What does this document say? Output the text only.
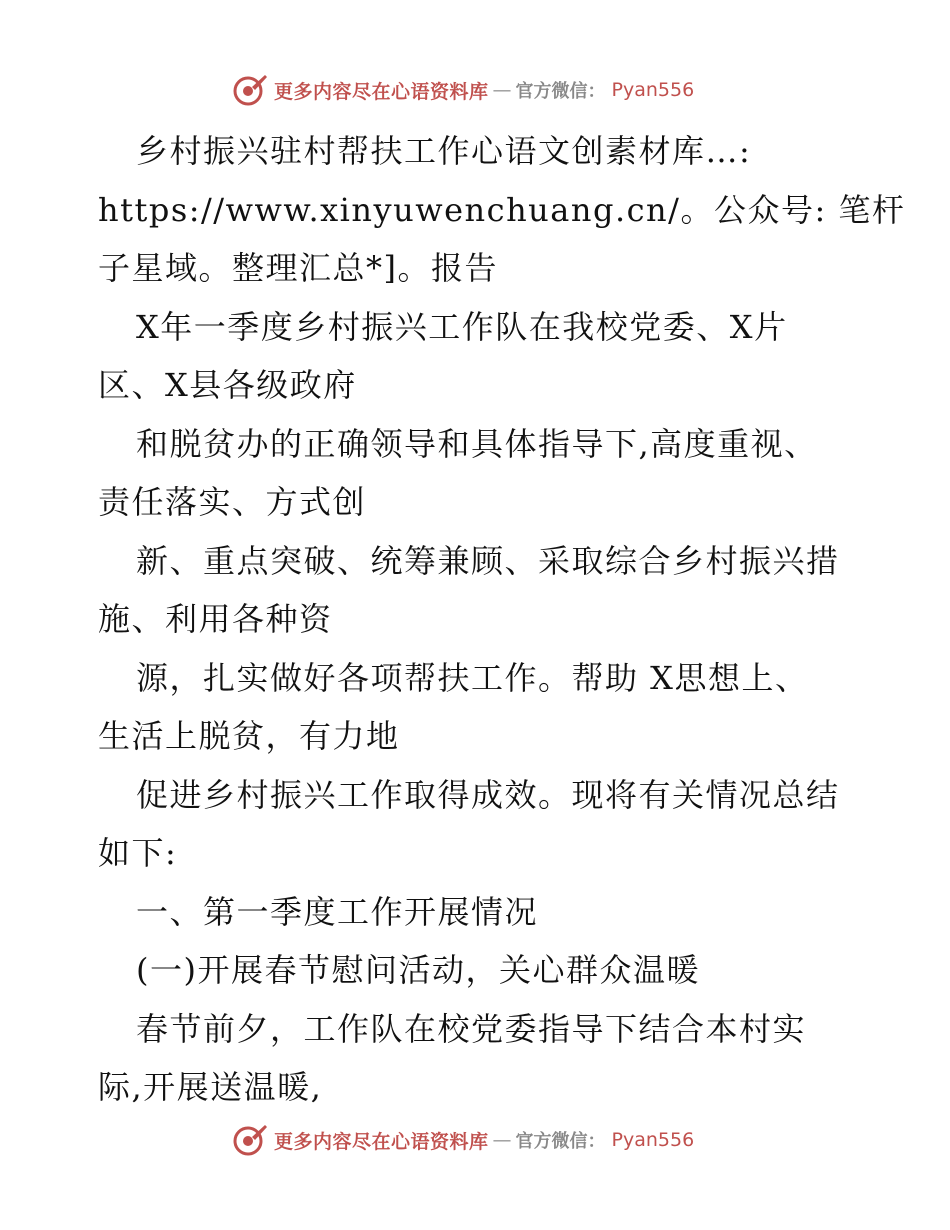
更多内容尽在心语资料库 — 官方微信： Pyan556
乡村振兴驻村帮扶工作心语文创素材库…:
https://www.xinyuwenchuang.cn/。公众号: 笔杆
子星域。整理汇总*]。报告
X年一季度乡村振兴工作队在我校党委、X片
区、X县各级政府
和脱贫办的正确领导和具体指导下,高度重视、
责任落实、方式创
新、重点突破、统筹兼顾、采取综合乡村振兴措
施、利用各种资
源，扎实做好各项帮扶工作。帮助 X思想上、
生活上脱贫，有力地
促进乡村振兴工作取得成效。现将有关情况总结
如下:
一、第一季度工作开展情况
(一)开展春节慰问活动，关心群众温暖
春节前夕，工作队在校党委指导下结合本村实
际,开展送温暖,
更多内容尽在心语资料库 — 官方微信： Pyan556
